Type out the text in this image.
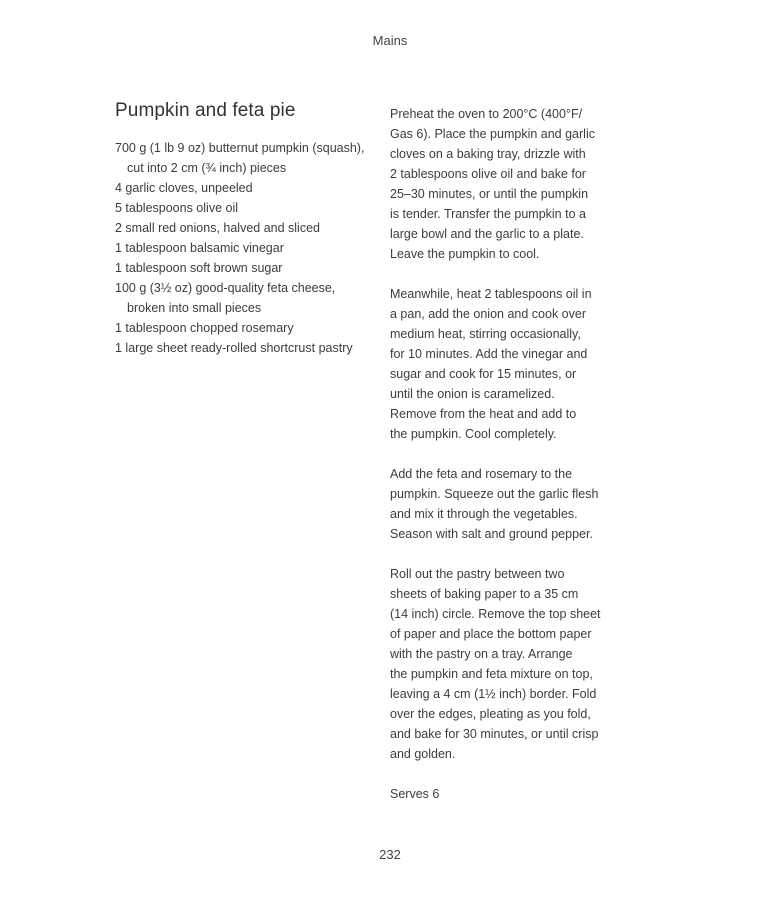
Mains
Pumpkin and feta pie
700 g (1 lb 9 oz) butternut pumpkin (squash), cut into 2 cm (¾ inch) pieces
4 garlic cloves, unpeeled
5 tablespoons olive oil
2 small red onions, halved and sliced
1 tablespoon balsamic vinegar
1 tablespoon soft brown sugar
100 g (3½ oz) good-quality feta cheese, broken into small pieces
1 tablespoon chopped rosemary
1 large sheet ready-rolled shortcrust pastry

Preheat the oven to 200°C (400°F/
Gas 6). Place the pumpkin and garlic
cloves on a baking tray, drizzle with
2 tablespoons olive oil and bake for
25–30 minutes, or until the pumpkin
is tender. Transfer the pumpkin to a
large bowl and the garlic to a plate.
Leave the pumpkin to cool.

Meanwhile, heat 2 tablespoons oil in
a pan, add the onion and cook over
medium heat, stirring occasionally,
for 10 minutes. Add the vinegar and
sugar and cook for 15 minutes, or
until the onion is caramelized.
Remove from the heat and add to
the pumpkin. Cool completely.

Add the feta and rosemary to the
pumpkin. Squeeze out the garlic flesh
and mix it through the vegetables.
Season with salt and ground pepper.

Roll out the pastry between two
sheets of baking paper to a 35 cm
(14 inch) circle. Remove the top sheet
of paper and place the bottom paper
with the pastry on a tray. Arrange
the pumpkin and feta mixture on top,
leaving a 4 cm (1½ inch) border. Fold
over the edges, pleating as you fold,
and bake for 30 minutes, or until crisp
and golden.

Serves 6

232
